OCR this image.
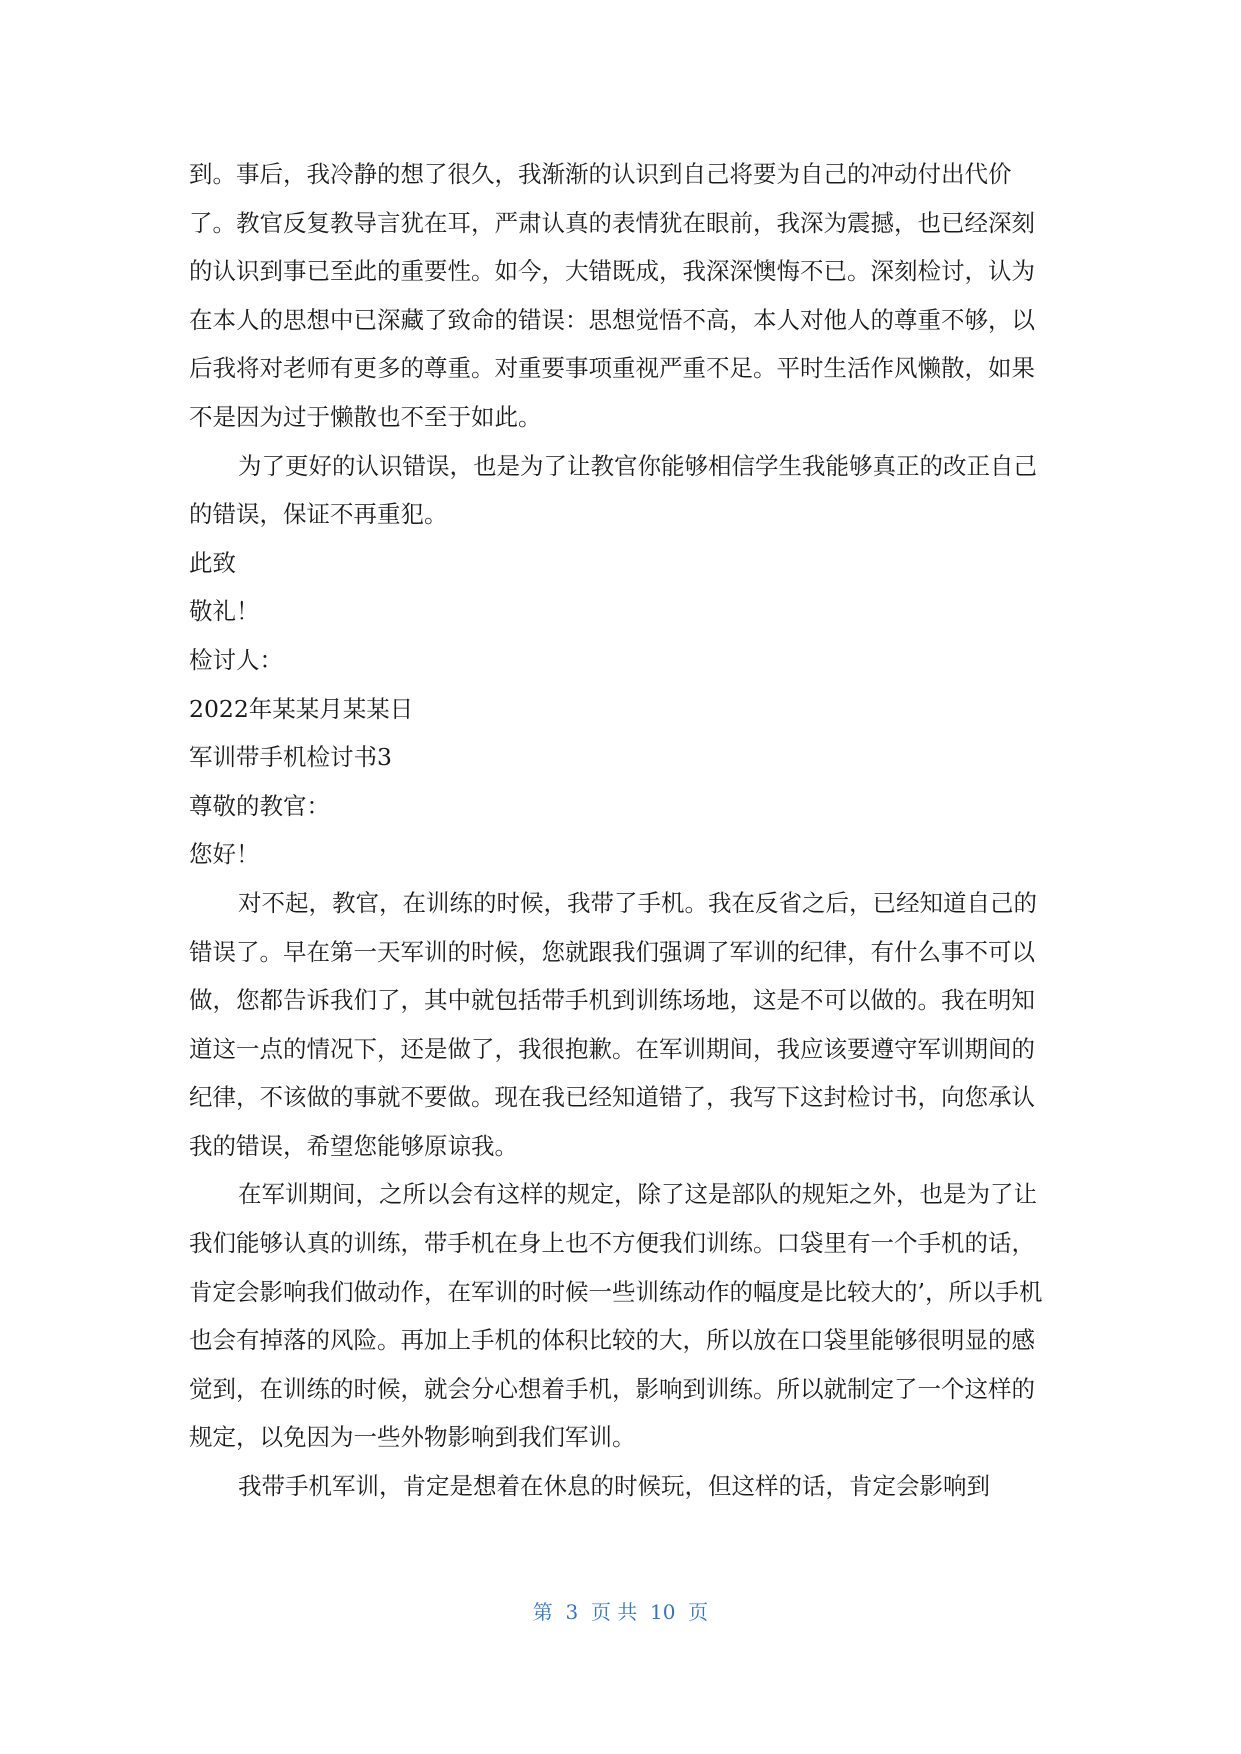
到。事后，我冷静的想了很久，我渐渐的认识到自己将要为自己的冲动付出代价了。教官反复教导言犹在耳，严肃认真的表情犹在眼前，我深为震撼，也已经深刻的认识到事已至此的重要性。如今，大错既成，我深深懊悔不已。深刻检讨，认为在本人的思想中已深藏了致命的错误：思想觉悟不高，本人对他人的尊重不够，以后我将对老师有更多的尊重。对重要事项重视严重不足。平时生活作风懒散，如果不是因为过于懒散也不至于如此。

为了更好的认识错误，也是为了让教官你能够相信学生我能够真正的改正自己的错误，保证不再重犯。

此致

敬礼！

检讨人：

2022年某某月某某日

军训带手机检讨书3

尊敬的教官：

您好！

对不起，教官，在训练的时候，我带了手机。我在反省之后，已经知道自己的错误了。早在第一天军训的时候，您就跟我们强调了军训的纪律，有什么事不可以做，您都告诉我们了，其中就包括带手机到训练场地，这是不可以做的。我在明知道这一点的情况下，还是做了，我很抱歉。在军训期间，我应该要遵守军训期间的纪律，不该做的事就不要做。现在我已经知道错了，我写下这封检讨书，向您承认我的错误，希望您能够原谅我。

在军训期间，之所以会有这样的规定，除了这是部队的规矩之外，也是为了让我们能够认真的训练，带手机在身上也不方便我们训练。口袋里有一个手机的话，肯定会影响我们做动作，在军训的时候一些训练动作的幅度是比较大的’，所以手机也会有掉落的风险。再加上手机的体积比较的大，所以放在口袋里能够很明显的感觉到，在训练的时候，就会分心想着手机，影响到训练。所以就制定了一个这样的规定，以免因为一些外物影响到我们军训。

我带手机军训，肯定是想着在休息的时候玩，但这样的话，肯定会影响到

第  3  页 共  10  页
